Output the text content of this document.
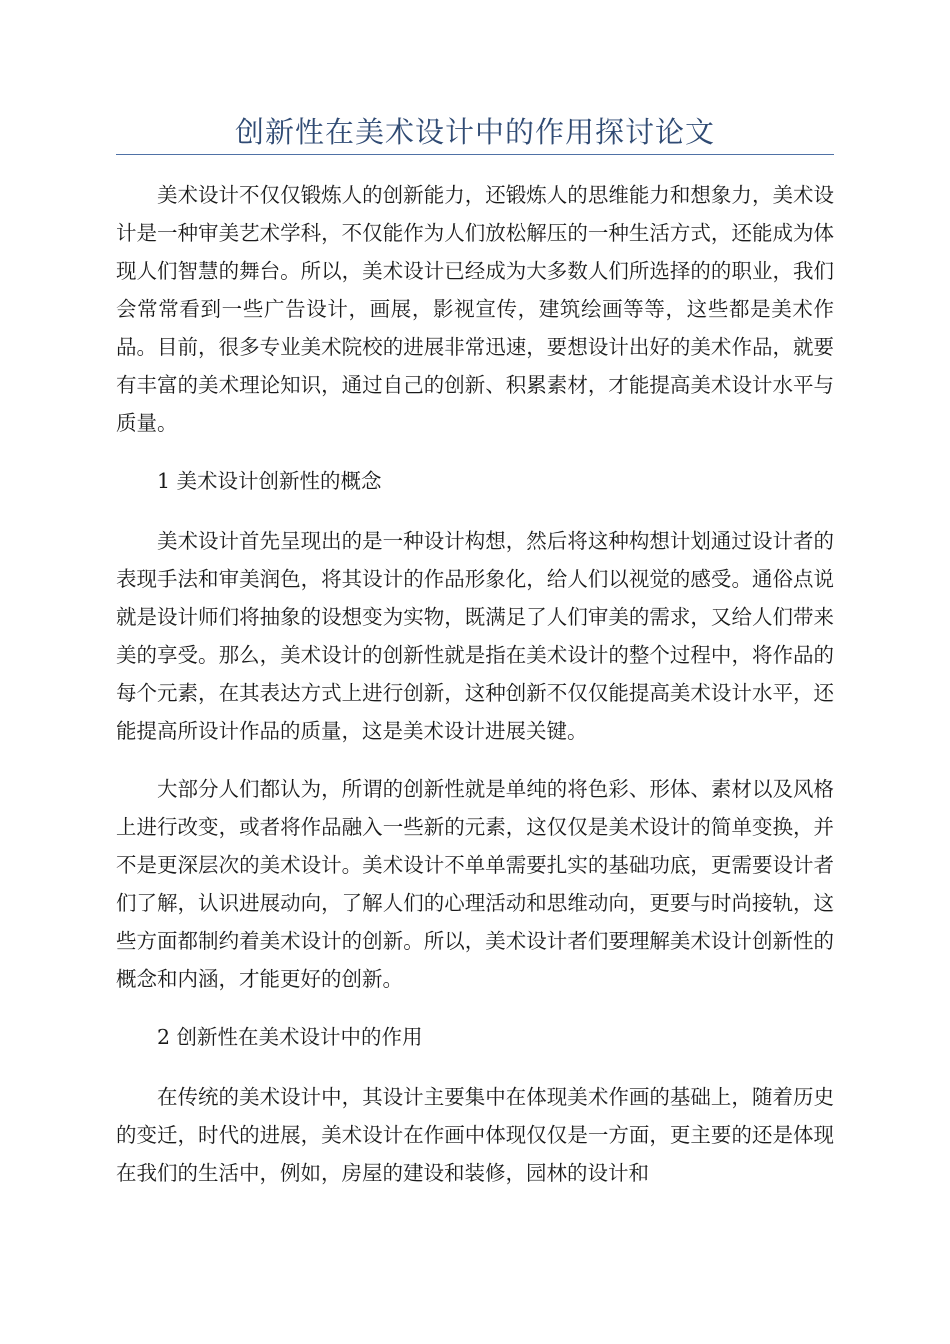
创新性在美术设计中的作用探讨论文

美术设计不仅仅锻炼人的创新能力，还锻炼人的思维能力和想象力，美术设计是一种审美艺术学科，不仅能作为人们放松解压的一种生活方式，还能成为体现人们智慧的舞台。所以，美术设计已经成为大多数人们所选择的的职业，我们会常常看到一些广告设计，画展，影视宣传，建筑绘画等等，这些都是美术作品。目前，很多专业美术院校的进展非常迅速，要想设计出好的美术作品，就要有丰富的美术理论知识，通过自己的创新、积累素材，才能提高美术设计水平与质量。

1 美术设计创新性的概念

美术设计首先呈现出的是一种设计构想，然后将这种构想计划通过设计者的表现手法和审美润色，将其设计的作品形象化，给人们以视觉的感受。通俗点说就是设计师们将抽象的设想变为实物，既满足了人们审美的需求，又给人们带来美的享受。那么，美术设计的创新性就是指在美术设计的整个过程中，将作品的每个元素，在其表达方式上进行创新，这种创新不仅仅能提高美术设计水平，还能提高所设计作品的质量，这是美术设计进展关键。

大部分人们都认为，所谓的创新性就是单纯的将色彩、形体、素材以及风格上进行改变，或者将作品融入一些新的元素，这仅仅是美术设计的简单变换，并不是更深层次的美术设计。美术设计不单单需要扎实的基础功底，更需要设计者们了解，认识进展动向，了解人们的心理活动和思维动向，更要与时尚接轨，这些方面都制约着美术设计的创新。所以，美术设计者们要理解美术设计创新性的概念和内涵，才能更好的创新。

2 创新性在美术设计中的作用

在传统的美术设计中，其设计主要集中在体现美术作画的基础上，随着历史的变迁，时代的进展，美术设计在作画中体现仅仅是一方面，更主要的还是体现在我们的生活中，例如，房屋的建设和装修，园林的设计和
